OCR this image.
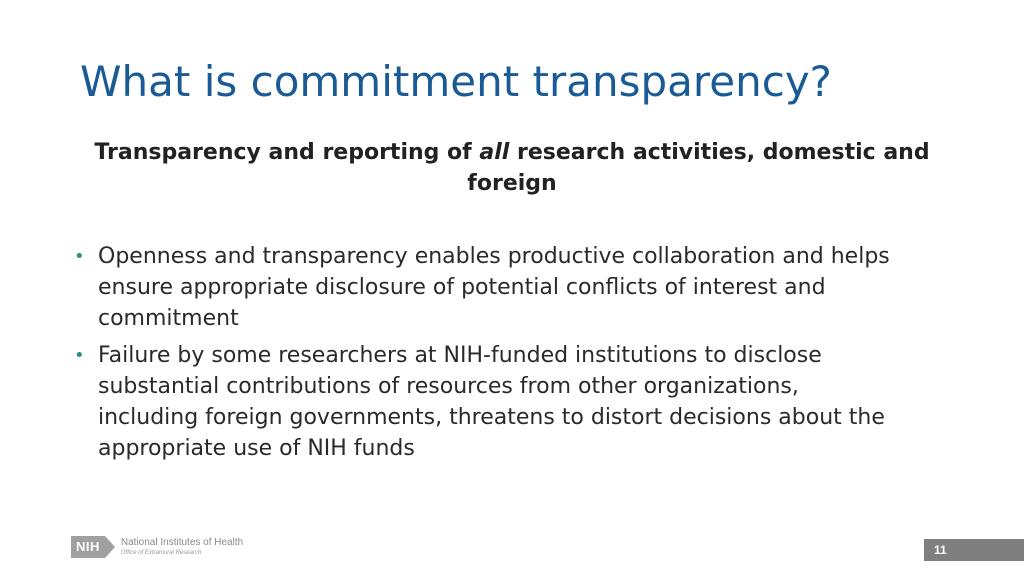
What is commitment transparency?

Transparency and reporting of all research activities, domestic and foreign

• Openness and transparency enables productive collaboration and helps ensure appropriate disclosure of potential conflicts of interest and commitment
• Failure by some researchers at NIH-funded institutions to disclose substantial contributions of resources from other organizations, including foreign governments, threatens to distort decisions about the appropriate use of NIH funds
NIH	National Institutes of Health
Office of Extramural Research	11
